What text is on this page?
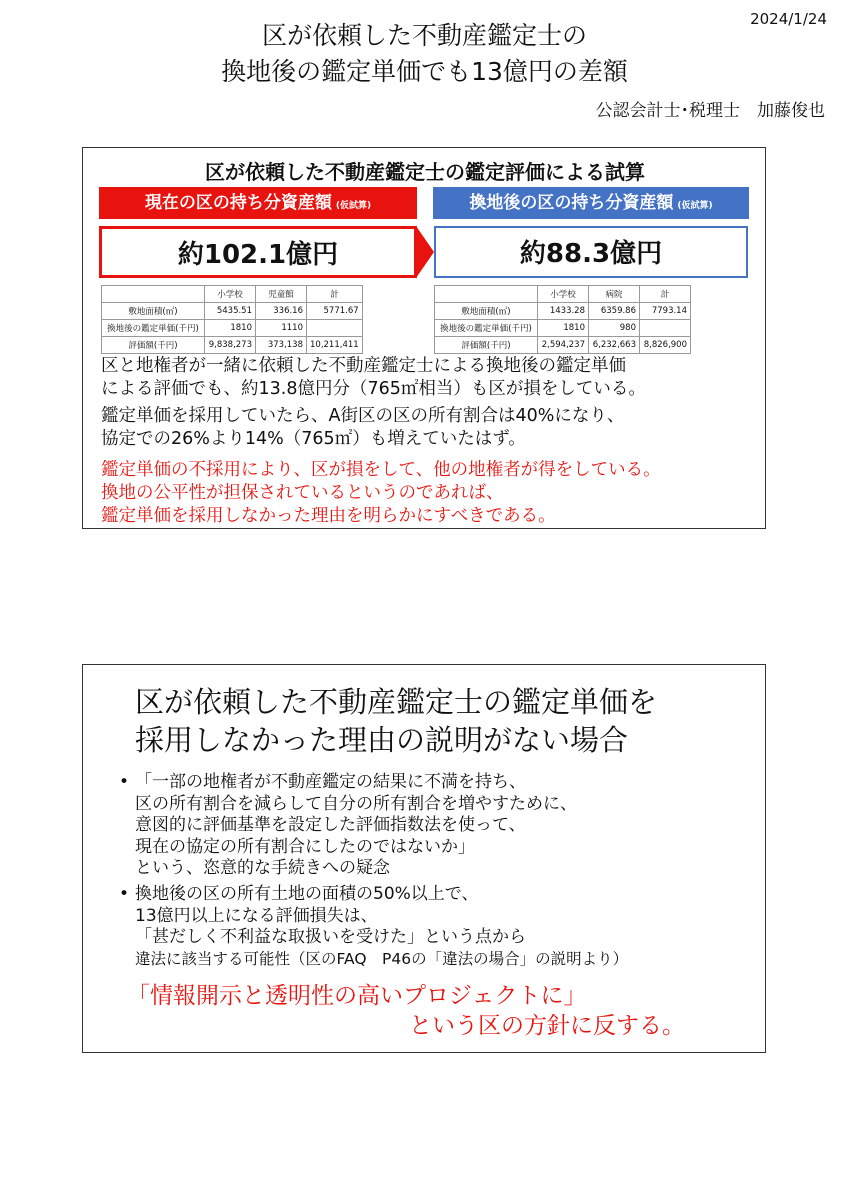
2024/1/24
区が依頼した不動産鑑定士の
換地後の鑑定単価でも13億円の差額
公認会計士･税理士　加藤俊也
区が依頼した不動産鑑定士の鑑定評価による試算
現在の区の持ち分資産額 (仮試算)	換地後の区の持ち分資産額 (仮試算)
約102.1億円	約88.3億円
	小学校	児童館	計
敷地面積(㎡)	5435.51	336.16	5771.67
換地後の鑑定単価(千円)	1810	1110	
評価額(千円)	9,838,273	373,138	10,211,411
	小学校	病院	計
敷地面積(㎡)	1433.28	6359.86	7793.14
換地後の鑑定単価(千円)	1810	980	
評価額(千円)	2,594,237	6,232,663	8,826,900
区と地権者が一緒に依頼した不動産鑑定士による換地後の鑑定単価
による評価でも、約13.8億円分（765㎡相当）も区が損をしている。
鑑定単価を採用していたら、A街区の区の所有割合は40%になり、
協定での26%より14%（765㎡）も増えていたはず。
鑑定単価の不採用により、区が損をして、他の地権者が得をしている。
換地の公平性が担保されているというのであれば、
鑑定単価を採用しなかった理由を明らかにすべきである。
区が依頼した不動産鑑定士の鑑定単価を
採用しなかった理由の説明がない場合
• 「一部の地権者が不動産鑑定の結果に不満を持ち、
区の所有割合を減らして自分の所有割合を増やすために、
意図的に評価基準を設定した評価指数法を使って、
現在の協定の所有割合にしたのではないか」
という、恣意的な手続きへの疑念
• 換地後の区の所有土地の面積の50%以上で、
13億円以上になる評価損失は、
「甚だしく不利益な取扱いを受けた」という点から
違法に該当する可能性（区のFAQ　P46の「違法の場合」の説明より）
「情報開示と透明性の高いプロジェクトに」
という区の方針に反する。
